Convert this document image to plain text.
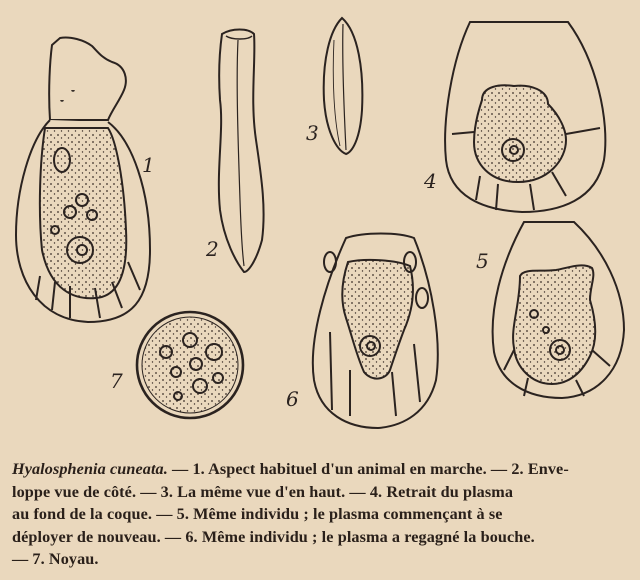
1
2
3
4
5
6
7
Hyalosphenia cuneata. — 1. Aspect habituel d'un animal en marche. — 2. Enve-
loppe vue de côté. — 3. La même vue d'en haut. — 4. Retrait du plasma
au fond de la coque. — 5. Même individu ; le plasma commençant à se
déployer de nouveau. — 6. Même individu ; le plasma a regagné la bouche.
— 7. Noyau.
